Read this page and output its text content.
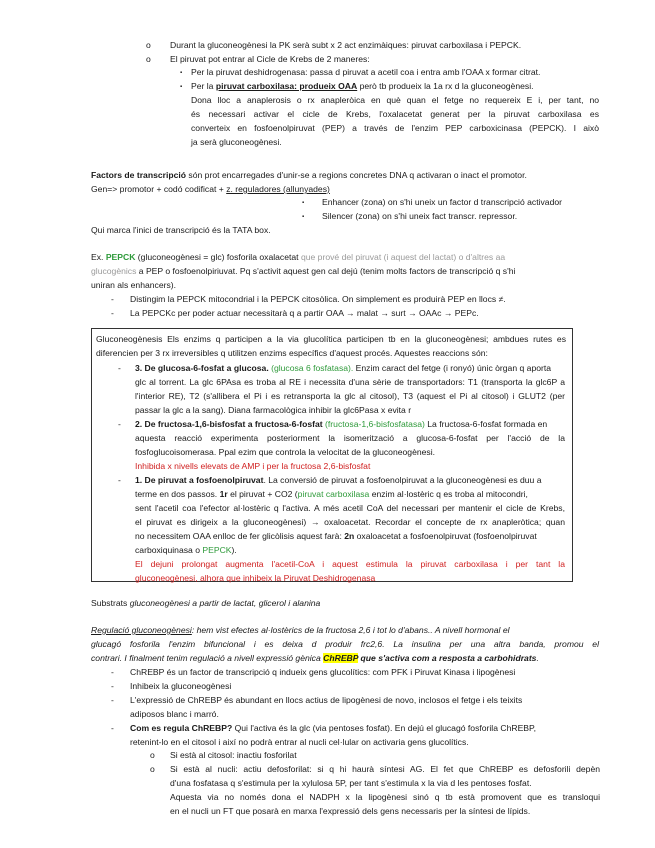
o Durant la gluconeogènesi la PK serà subt x 2 act enzimàiques: piruvat carboxilasa i PEPCK.
o El piruvat pot entrar al Cicle de Krebs de 2 maneres:
▪ Per la piruvat deshidrogenasa: passa d piruvat a acetil coa i entra amb l'OAA x formar citrat.
▪ Per la piruvat carboxilasa: produeix OAA però tb produeix la 1a rx d la gluconeogènesi.
Dona lloc a anaplerosis o rx anapleròica en què quan el fetge no requereix E i, per tant, no
és necessari activar el cicle de Krebs, l'oxalacetat generat per la piruvat carboxilasa es
converteix en fosfoenolpiruvat (PEP) a través de l'enzim PEP carboxicinasa (PEPCK). I això
ja serà gluconeogènesi.
Factors de transcripció són prot encarregades d'unir-se a regions concretes DNA q activaran o inact el promotor.
Gen=> promotor + codó codificat + z. reguladores (allunyades)
▪ Enhancer (zona) on s'hi uneix un factor d transcripció activador
▪ Silencer (zona) on s'hi uneix fact transcr. repressor.
Qui marca l'inici de transcripció és la TATA box.
Ex. PEPCK (gluconeogènesi = glc) fosforila oxalacetat que prové del piruvat (i aquest del lactat) o d'altres aa
glucogènics a PEP o fosfoenolpiriuvat. Pq s'activit aquest gen cal dejú (tenim molts factors de transcripció q s'hi
uniran als enhancers).
- Distingim la PEPCK mitocondrial i la PEPCK citosòlica. On simplement es produirà PEP en llocs ≠.
- La PEPCKc per poder actuar necessitarà q a partir OAA → malat → surt → OAAc → PEPc.
Gluconeogènesis Els enzims q participen a la via glucolítica participen tb en la gluconeogènesi; ambdues rutes es
diferencien per 3 rx irreversibles q utilitzen enzims específics d'aquest procés. Aquestes reaccions són:
- 3. De glucosa-6-fosfat a glucosa. (glucosa 6 fosfatasa). Enzim caract del fetge (i ronyó) únic òrgan q aporta
glc al torrent. La glc 6PAsa es troba al RE i necessita d'una sèrie de transportadors: T1 (transporta la glc6P a
l'interior RE), T2 (s'allibera el Pi i es retransporta la glc al citosol), T3 (aquest el Pi al citosol) i GLUT2 (per
passar la glc a la sang). Diana farmacològica inhibir la glc6Pasa x evita r
- 2. De fructosa-1,6-bisfosfat a fructosa-6-fosfat (fructosa-1,6-bisfosfatasa) La fructosa-6-fosfat formada en
aquesta reacció experimenta posteriorment la isomerització a glucosa-6-fosfat per l'acció de la
fosfoglucoisomerasa. Ppal ezim que controla la velocitat de la gluconeogènesi.
Inhibida x nivells elevats de AMP i per la fructosa 2,6-bisfosfat
- 1. De piruvat a fosfoenolpiruvat. La conversió de piruvat a fosfoenolpiruvat a la gluconeogènesi es duu a
terme en dos passos. 1r el piruvat + CO2 (piruvat carboxilasa enzim al·lostèric q es troba al mitocondri,
sent l'acetil coa l'efector al·lostèric q l'activa. A més acetil CoA del necessari per mantenir el cicle de Krebs,
el piruvat es dirigeix a la gluconeogènesi) → oxaloacetat. Recordar el concepte de rx anapleròtica; quan
no necessitem OAA enlloc de fer glicòlisis aquest farà: 2n oxaloacetat a fosfoenolpiruvat (fosfoenolpiruvat
carboxiquinasa o PEPCK).
El dejuni prolongat augmenta l'acetil-CoA i aquest estimula la piruvat carboxilasa i per tant la
gluconeogènesi, alhora que inhibeix la Piruvat Deshidrogenasa
Substrats gluconeogènesi a partir de lactat, glicerol i alanina
Regulació gluconeogènesi: hem vist efectes al·lostèrics de la fructosa 2,6 i tot lo d'abans.. A nivell hormonal el
glucagó fosforila l'enzim bifuncional i es deixa d produir frc2,6. La insulina per una altra banda, promou el
contrari. I finalment tenim regulació a nivell expressió gènica ChREBP que s'activa com a resposta a carbohidrats.
- ChREBP és un factor de transcripció q indueix gens glucolítics: com PFK i Piruvat Kinasa i lipogènesi
- Inhibeix la gluconeogènesi
- L'expressió de ChREBP és abundant en llocs actius de lipogènesi de novo, inclosos el fetge i els teixits
adiposos blanc i marró.
- Com es regula ChREBP? Qui l'activa és la glc (via pentoses fosfat). En dejú el glucagó fosforila ChREBP,
retenint-lo en el citosol i així no podrà entrar al nucli cel·lular on activaria gens glucolítics.
o Si està al citosol: inactiu fosforilat
o Si està al nucli: actiu defosforilat: si q hi haurà síntesi AG. El fet que ChREBP es defosforili depèn
d'una fosfatasa q s'estimula per la xylulosa 5P, per tant s'estimula x la via d les pentoses fosfat.
Aquesta via no només dona el NADPH x la lipogènesi sinó q tb està promovent que es transloqui
en el nucli un FT que posarà en marxa l'expressió dels gens necessaris per la síntesi de lípids.
